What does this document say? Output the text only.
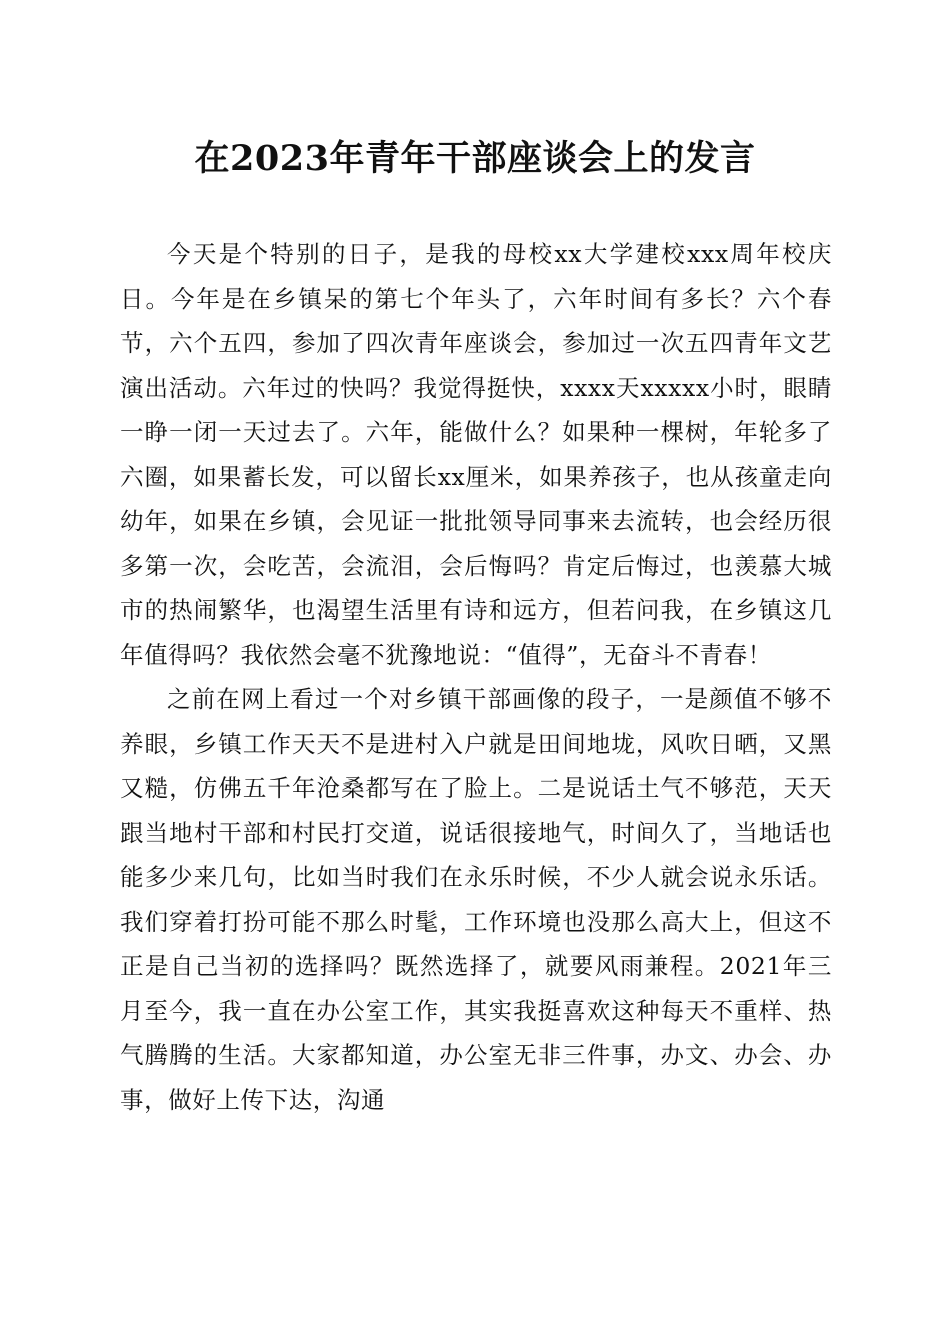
在2023年青年干部座谈会上的发言

今天是个特别的日子，是我的母校xx大学建校xxx周年校庆日。今年是在乡镇呆的第七个年头了，六年时间有多长？六个春节，六个五四，参加了四次青年座谈会，参加过一次五四青年文艺演出活动。六年过的快吗？我觉得挺快，xxxx天xxxxx小时，眼睛一睁一闭一天过去了。六年，能做什么？如果种一棵树，年轮多了六圈，如果蓄长发，可以留长xx厘米，如果养孩子，也从孩童走向幼年，如果在乡镇，会见证一批批领导同事来去流转，也会经历很多第一次，会吃苦，会流泪，会后悔吗？肯定后悔过，也羡慕大城市的热闹繁华，也渴望生活里有诗和远方，但若问我，在乡镇这几年值得吗？我依然会毫不犹豫地说：“值得”，无奋斗不青春！

之前在网上看过一个对乡镇干部画像的段子，一是颜值不够不养眼，乡镇工作天天不是进村入户就是田间地垅，风吹日晒，又黑又糙，仿佛五千年沧桑都写在了脸上。二是说话土气不够范，天天跟当地村干部和村民打交道，说话很接地气，时间久了，当地话也能多少来几句，比如当时我们在永乐时候，不少人就会说永乐话。我们穿着打扮可能不那么时髦，工作环境也没那么高大上，但这不正是自己当初的选择吗？既然选择了，就要风雨兼程。2021年三月至今，我一直在办公室工作，其实我挺喜欢这种每天不重样、热气腾腾的生活。大家都知道，办公室无非三件事，办文、办会、办事，做好上传下达，沟通
